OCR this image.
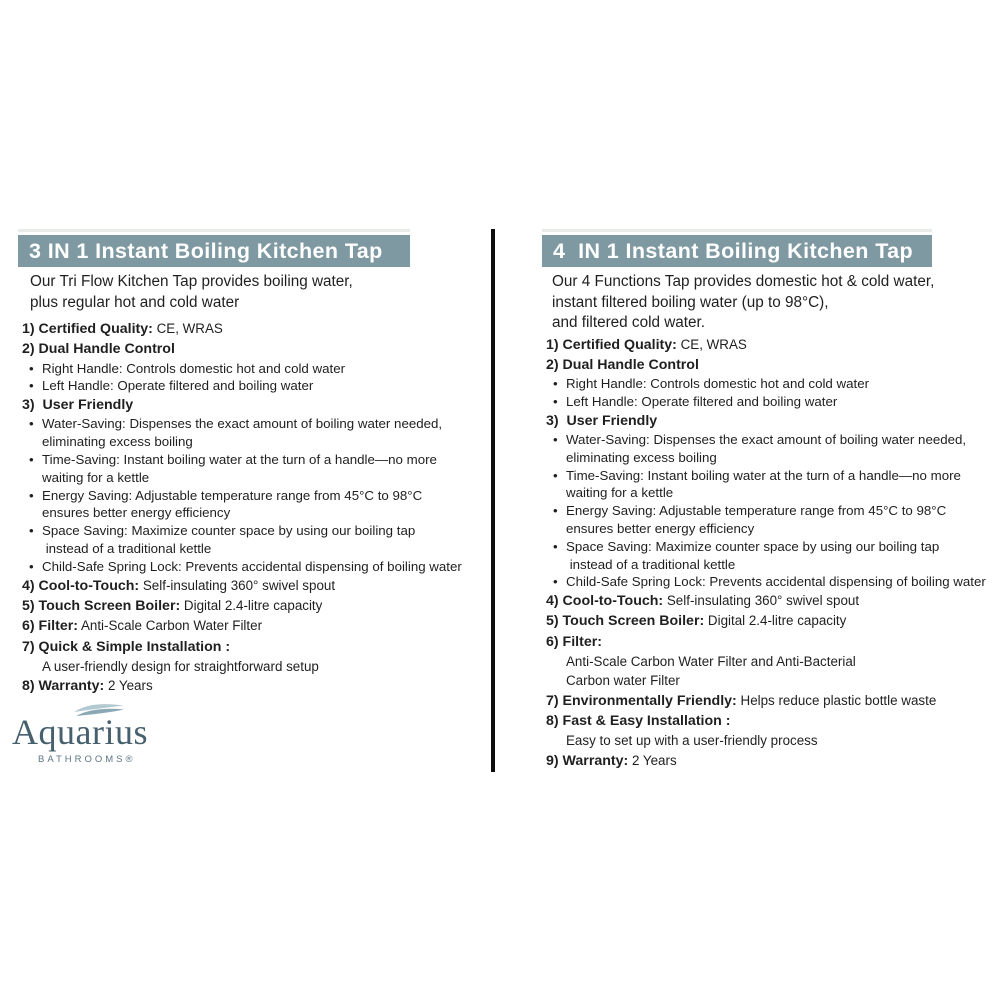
3 IN 1 Instant Boiling Kitchen Tap
Our Tri Flow Kitchen Tap provides boiling water,
plus regular hot and cold water
1) Certified Quality: CE, WRAS
2) Dual Handle Control
• Right Handle: Controls domestic hot and cold water
• Left Handle: Operate filtered and boiling water
3)  User Friendly
• Water-Saving: Dispenses the exact amount of boiling water needed,
eliminating excess boiling
• Time-Saving: Instant boiling water at the turn of a handle—no more
waiting for a kettle
• Energy Saving: Adjustable temperature range from 45°C to 98°C
ensures better energy efficiency
• Space Saving: Maximize counter space by using our boiling tap
instead of a traditional kettle
• Child-Safe Spring Lock: Prevents accidental dispensing of boiling water
4) Cool-to-Touch: Self-insulating 360° swivel spout
5) Touch Screen Boiler: Digital 2.4-litre capacity
6) Filter: Anti-Scale Carbon Water Filter
7) Quick & Simple Installation :
A user-friendly design for straightforward setup
8) Warranty: 2 Years
4  IN 1 Instant Boiling Kitchen Tap
Our 4 Functions Tap provides domestic hot & cold water,
instant filtered boiling water (up to 98°C),
and filtered cold water.
1) Certified Quality: CE, WRAS
2) Dual Handle Control
• Right Handle: Controls domestic hot and cold water
• Left Handle: Operate filtered and boiling water
3)  User Friendly
• Water-Saving: Dispenses the exact amount of boiling water needed,
eliminating excess boiling
• Time-Saving: Instant boiling water at the turn of a handle—no more
waiting for a kettle
• Energy Saving: Adjustable temperature range from 45°C to 98°C
ensures better energy efficiency
• Space Saving: Maximize counter space by using our boiling tap
instead of a traditional kettle
• Child-Safe Spring Lock: Prevents accidental dispensing of boiling water
4) Cool-to-Touch: Self-insulating 360° swivel spout
5) Touch Screen Boiler: Digital 2.4-litre capacity
6) Filter:
Anti-Scale Carbon Water Filter and Anti-Bacterial
Carbon water Filter
7) Environmentally Friendly: Helps reduce plastic bottle waste
8) Fast & Easy Installation :
Easy to set up with a user-friendly process
9) Warranty: 2 Years
Aquarius
BATHROOMS®
